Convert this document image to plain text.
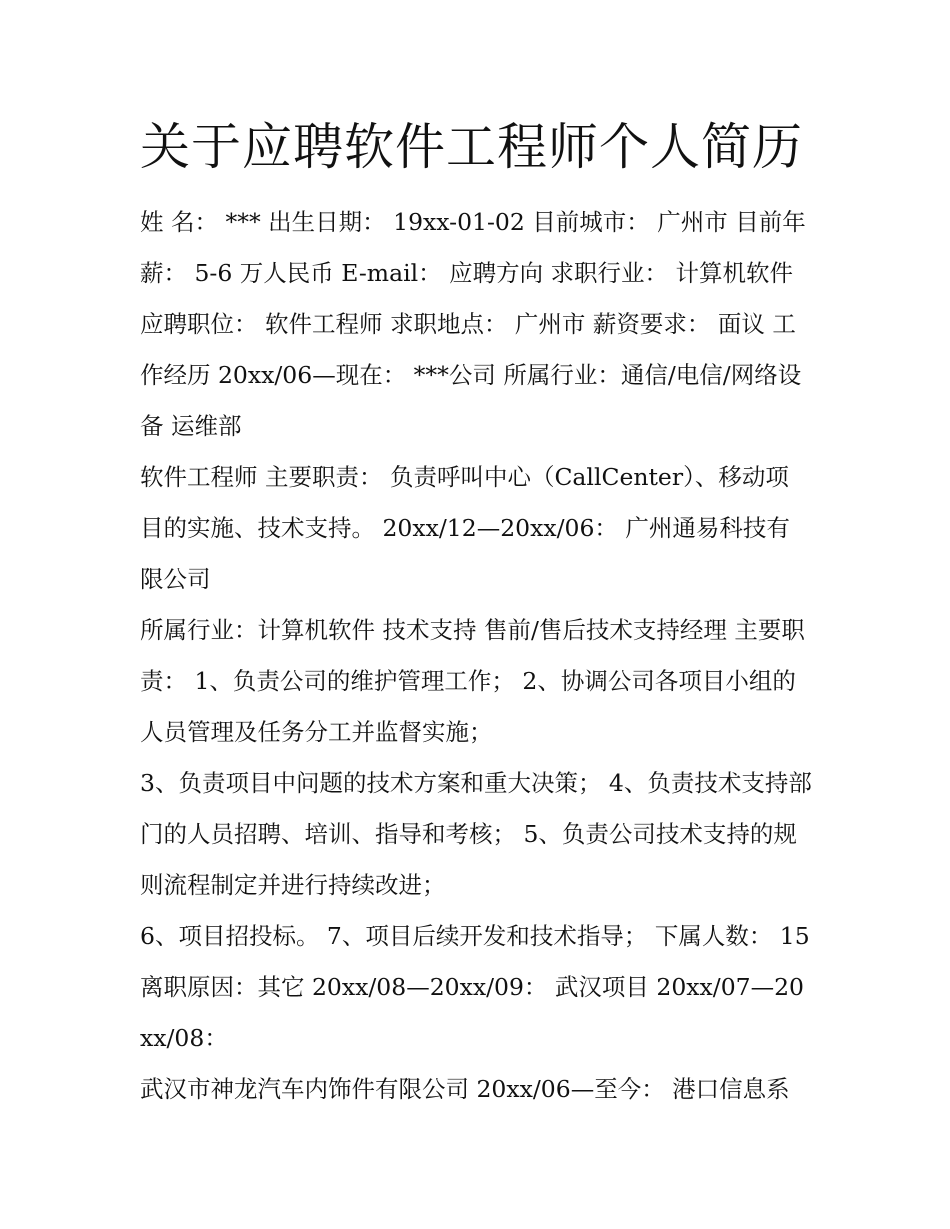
关于应聘软件工程师个人简历

姓 名： *** 出生日期： 19xx-01-02 目前城市： 广州市 目前年薪： 5-6 万人民币 E-mail： 应聘方向 求职行业： 计算机软件 应聘职位： 软件工程师 求职地点： 广州市 薪资要求： 面议 工作经历 20xx/06—现在： ***公司 所属行业：通信/电信/网络设备 运维部

软件工程师 主要职责： 负责呼叫中心（CallCenter）、移动项目的实施、技术支持。 20xx/12—20xx/06： 广州通易科技有限公司

所属行业：计算机软件 技术支持 售前/售后技术支持经理 主要职责： 1、负责公司的维护管理工作； 2、协调公司各项目小组的人员管理及任务分工并监督实施；

3、负责项目中问题的技术方案和重大决策； 4、负责技术支持部门的人员招聘、培训、指导和考核； 5、负责公司技术支持的规则流程制定并进行持续改进；

6、项目招投标。 7、项目后续开发和技术指导； 下属人数： 15 离职原因：其它 20xx/08—20xx/09： 武汉项目 20xx/07—20xx/08：

武汉市神龙汽车内饰件有限公司 20xx/06—至今： 港口信息系
